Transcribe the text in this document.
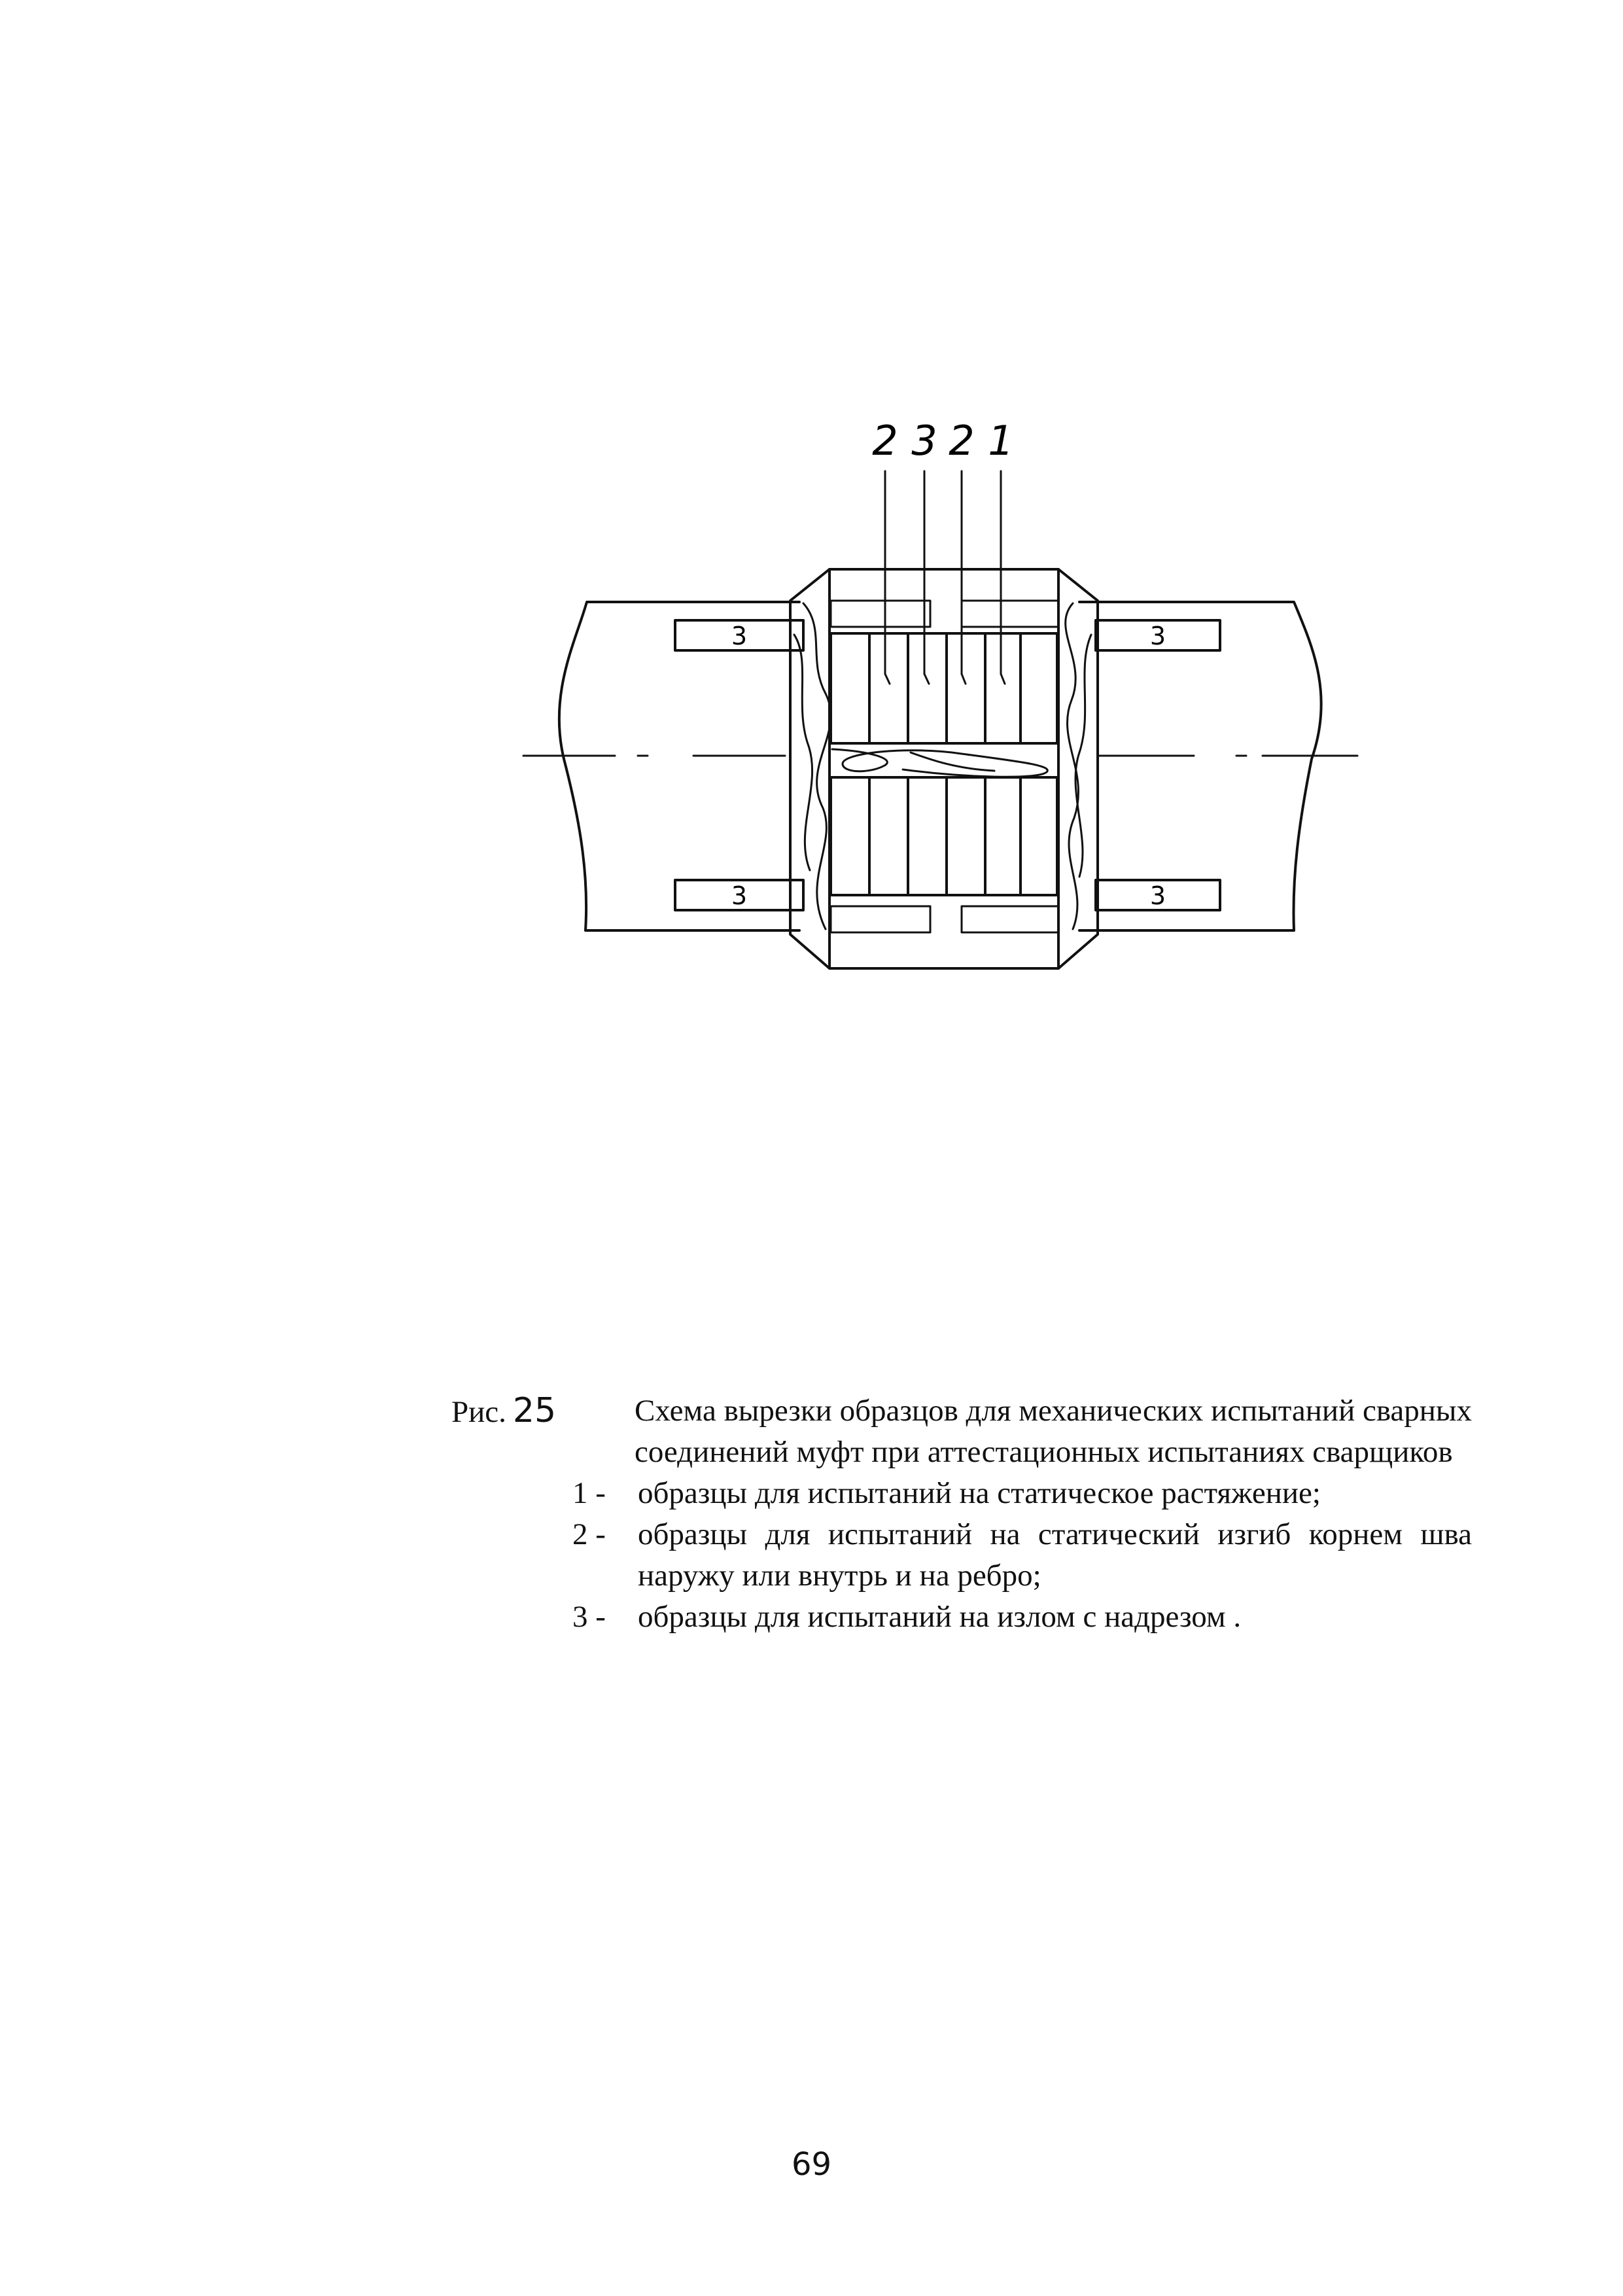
2 3 2 1
3	3
3	3
Рис. 25	Схема вырезки образцов для механических испытаний сварных соединений муфт при аттестационных испытаниях сварщиков
1 -	образцы для испытаний на статическое растяжение;
2 -	образцы для испытаний на статический изгиб корнем шва наружу или внутрь и на ребро;
3 -	образцы для испытаний на излом с надрезом .
69
